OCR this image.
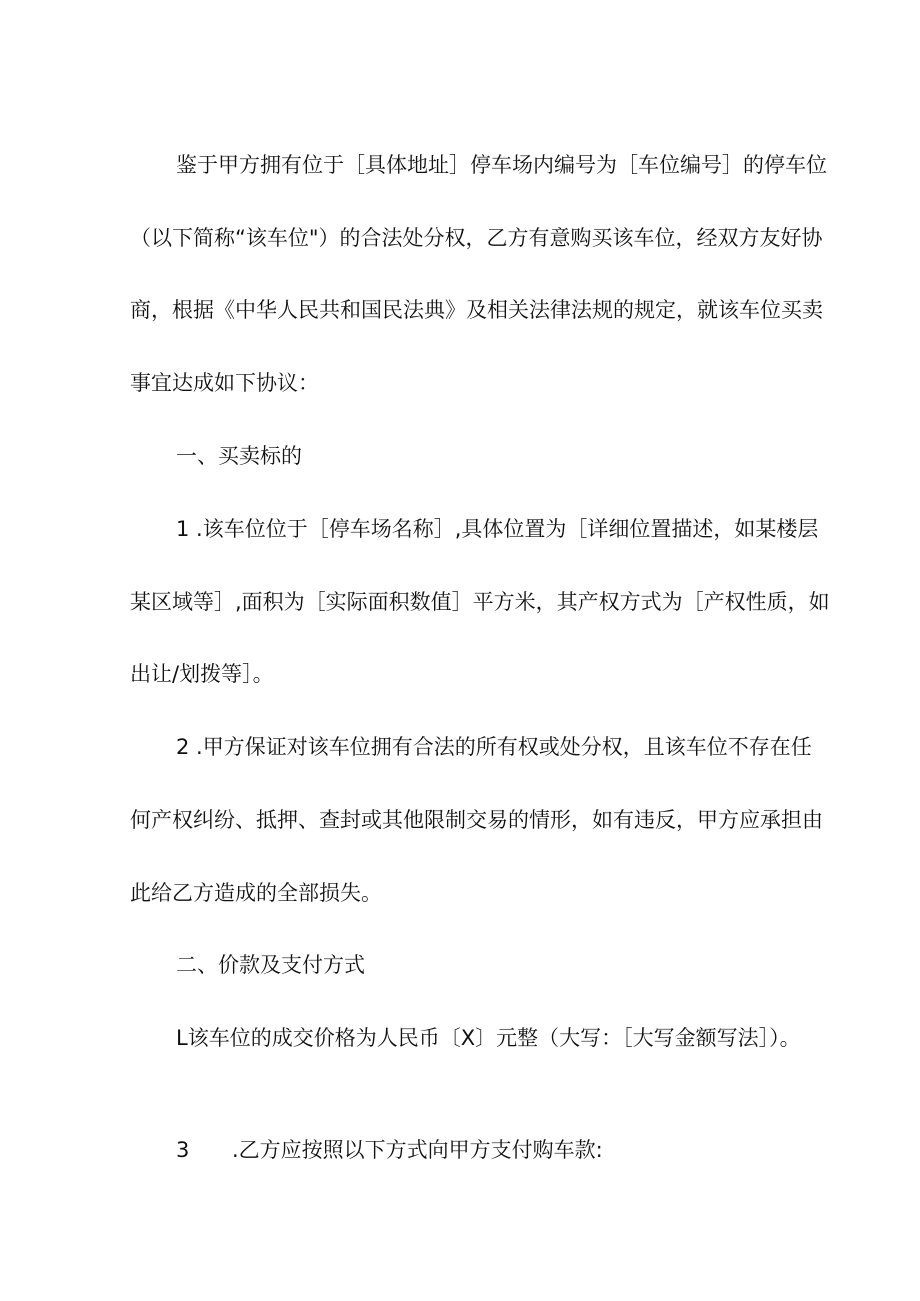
鉴于甲方拥有位于［具体地址］停车场内编号为［车位编号］的停车位
（以下简称“该车位"）的合法处分权，乙方有意购买该车位，经双方友好协
商，根据《中华人民共和国民法典》及相关法律法规的规定，就该车位买卖
事宜达成如下协议：
一、买卖标的
1 .该车位位于［停车场名称］,具体位置为［详细位置描述，如某楼层
某区域等］,面积为［实际面积数值］平方米，其产权方式为［产权性质，如
出让/划拨等］。
2 .甲方保证对该车位拥有合法的所有权或处分权，且该车位不存在任
何产权纠纷、抵押、查封或其他限制交易的情形，如有违反，甲方应承担由
此给乙方造成的全部损失。
二、价款及支付方式
L该车位的成交价格为人民币〔X〕元整（大写：［大写金额写法］）。
3 .乙方应按照以下方式向甲方支付购车款:
